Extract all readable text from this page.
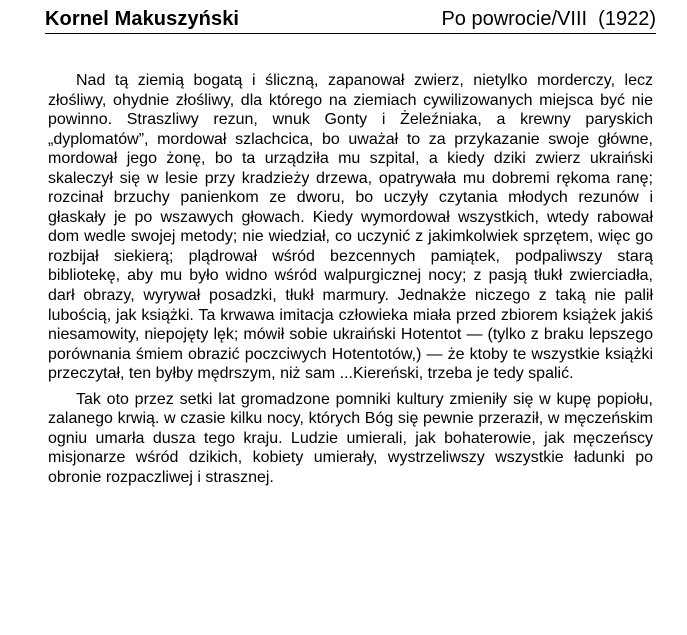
Kornel Makuszyński	Po powrocie/VIII  (1922)

Nad tą ziemią bogatą i śliczną, zapanował zwierz, nietylko morderczy, lecz złośliwy, ohydnie złośliwy, dla którego na ziemiach cywilizowanych miejsca być nie powinno. Straszliwy rezun, wnuk Gonty i Żeleźniaka, a krewny paryskich „dyplomatów”, mordował szlachcica, bo uważał to za przykazanie swoje główne, mordował jego żonę, bo ta urządziła mu szpital, a kiedy dziki zwierz ukraiński skaleczył się w lesie przy kradzieży drzewa, opatrywała mu dobremi rękoma ranę; rozcinał brzuchy panienkom ze dworu, bo uczyły czytania młodych rezunów i głaskały je po wszawych głowach. Kiedy wymordował wszystkich, wtedy rabował dom wedle swojej metody; nie wiedział, co uczynić z jakimkolwiek sprzętem, więc go rozbijał siekierą; plądrował wśród bezcennych pamiątek, podpaliwszy starą bibliotekę, aby mu było widno wśród walpurgicznej nocy; z pasją tłukł zwierciadła, darł obrazy, wyrywał posadzki, tłukł marmury. Jednakże niczego z taką nie palił lubością, jak książki. Ta krwawa imitacja człowieka miała przed zbiorem książek jakiś niesamowity, niepojęty lęk; mówił sobie ukraiński Hotentot — (tylko z braku lepszego porównania śmiem obrazić poczciwych Hotentotów,) — że ktoby te wszystkie książki przeczytał, ten byłby mędrszym, niż sam ...Kiereński, trzeba je tedy spalić.

Tak oto przez setki lat gromadzone pomniki kultury zmieniły się w kupę popiołu, zalanego krwią. w czasie kilku nocy, których Bóg się pewnie przeraził, w męczeńskim ogniu umarła dusza tego kraju. Ludzie umierali, jak bohaterowie, jak męczeńscy misjonarze wśród dzikich, kobiety umierały, wystrzeliwszy wszystkie ładunki po obronie rozpaczliwej i strasznej.
